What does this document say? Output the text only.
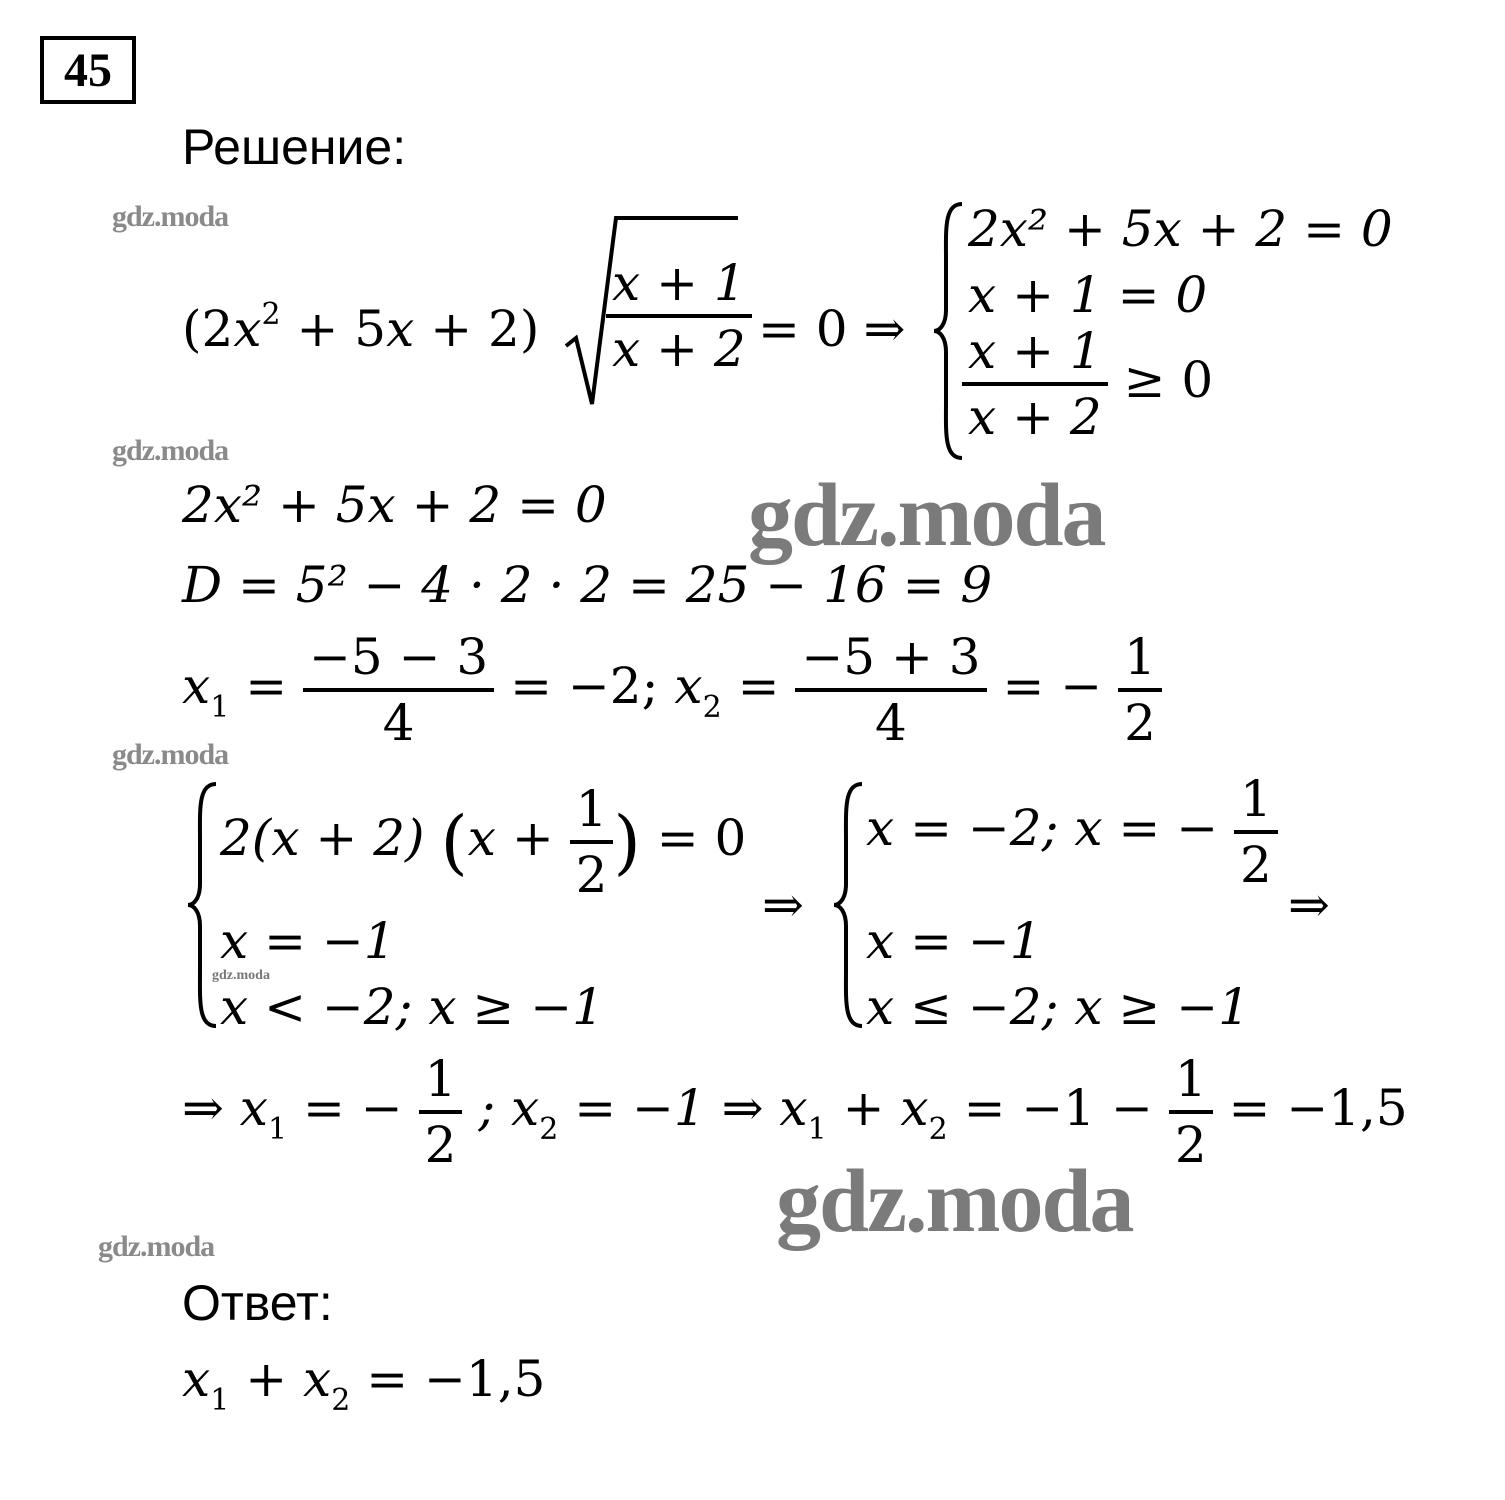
45
Решение:
gdz.moda
gdz.moda
gdz.moda
gdz.moda
gdz.moda
gdz.moda
gdz.moda
$(2x^2 + 5x + 2) \frac{x + 1}{x + 2} = 0$ ⇒
2x² + 5x + 2 = 0
x + 1 = 0
$\frac{x + 1}{x + 2} \ge 0$
2x² + 5x + 2 = 0
D = 5² − 4 · 2 · 2 = 25 − 16 = 9
$x_1 = \frac{-5 - 3}{4} = -2$; $x_2 = \frac{-5 + 3}{4}$ = − $\frac{1}{2}$
2(x + 2) ($x + \frac{1}{2}$ ) = 0
x = −1
x < −2; x ≥ −1
⇒
x = −2; x = − $\frac{1}{2}$
x = −1
x ≤ −2; x ≥ −1
⇒
⇒ $x_1$ = − $\frac{1}{2}$ ; $x_2 = -1$ ⇒ $x_1 + x_2 = -1 - \frac{1}{2} = -1,5$
Ответ:
$x_1 + x_2 = -1,5$
